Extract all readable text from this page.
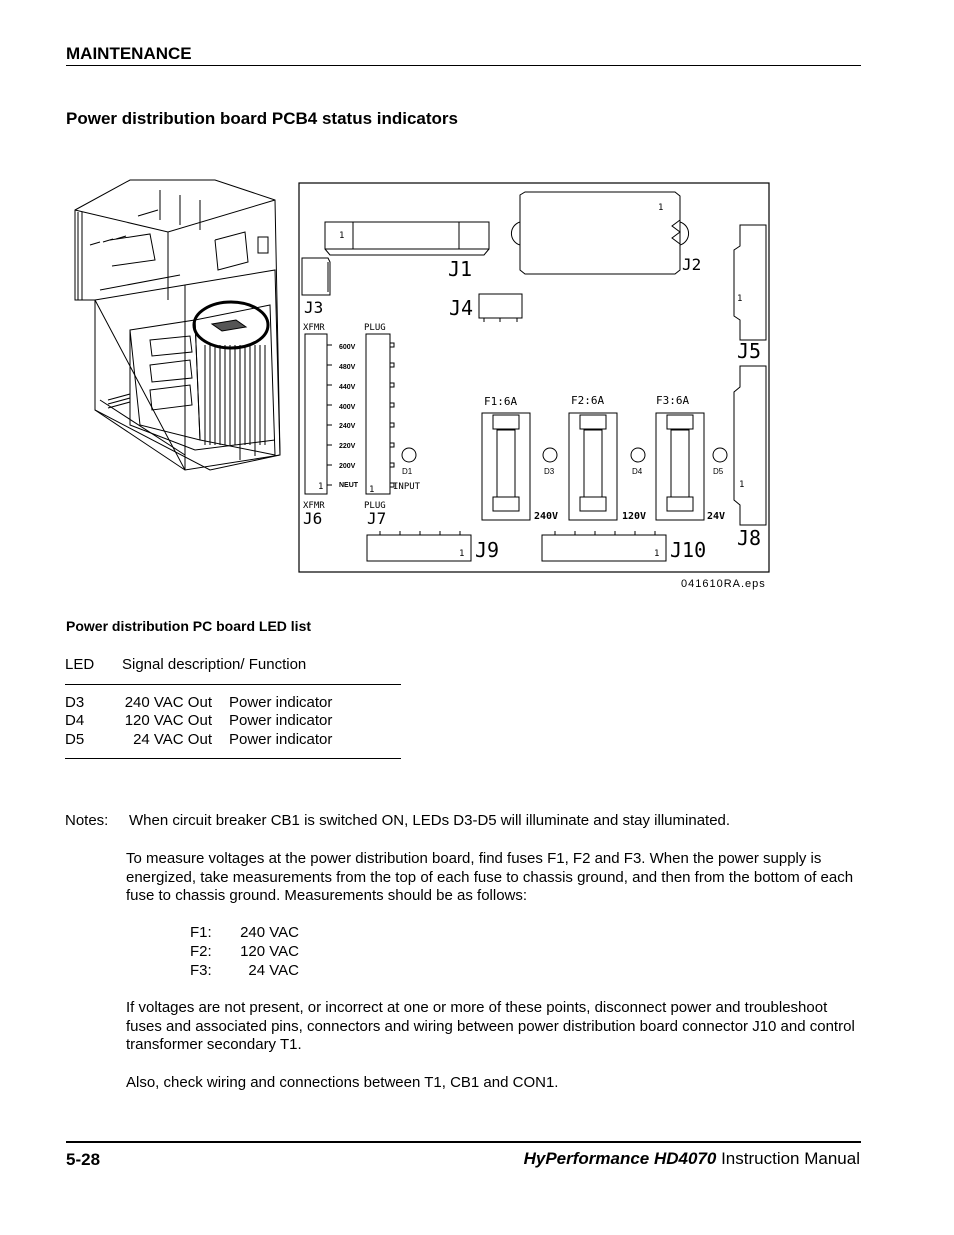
MAINTENANCE
Power distribution board PCB4 status indicators
1
J1
1
J2
J3	J4	1
J5
1
J8
XFMR	PLUG
XFMR	PLUG
1
J6
600V
480V
440V
400V
240V
220V
200V
NEUT 1 INPUT
J7
D1	D3	D4	D5
F1:6A	F2:6A	F3:6A
240V	120V	24V
1 J9	1 J10
041610RA.eps
Power distribution PC board LED list
LED Signal description/ Function
D3	240 VAC Out Power indicator
D4	120 VAC Out Power indicator
D5	24 VAC Out Power indicator
Notes: When circuit breaker CB1 is switched ON, LEDs D3-D5 will illuminate and stay illuminated.
To measure voltages at the power distribution board, find fuses F1, F2 and F3. When the power supply is energized, take measurements from the top of each fuse to chassis ground, and then from the bottom of each fuse to chassis ground. Measurements should be as follows:
F1:	240 VAC
F2:	120 VAC
F3:	24 VAC
If voltages are not present, or incorrect at one or more of these points, disconnect power and troubleshoot fuses and associated pins, connectors and wiring between power distribution board connector J10 and control transformer secondary T1.
Also, check wiring and connections between T1, CB1 and CON1.
5-28	HyPerformance HD4070 Instruction Manual
